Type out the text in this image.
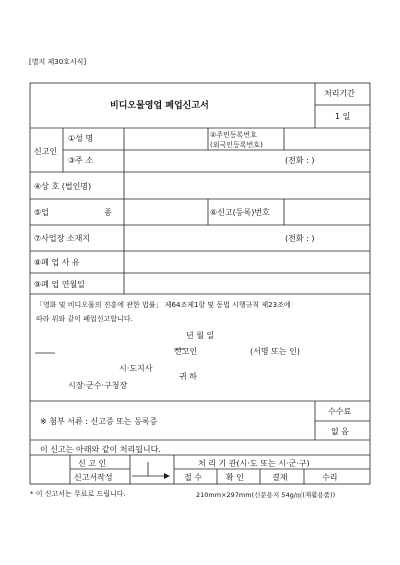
[별지 제30호서식]
비디오물영업 폐업신고서
처리기간
1 일
신고인
①성 명	②주민등록번호
(외국인등록번호)
③주 소	(전화 : )
④상 호 (법인명)
⑤업	종	⑥신고(등록)번호
⑦사업장 소재지	(전화 : )
⑧폐 업 사 유
⑨폐 업 연월일
「영화 및 비디오물의 진흥에 관한 법률」 제64조제1항 및 동법 시행규칙 제23조에
따라 위와 같이 폐업신고합니다.
년 월 일
신고인	(서명 또는 인)
시·도지사
귀 하
시장·군수·구청장
※ 첨부 서류 : 신고증 또는 등록증
수수료
없 음
이 신고는 아래와 같이 처리됩니다.
신 고 인
신고서작성
처 리 기 관(시·도 또는 시·군·구)
접 수	확 인	결재	수리
* 이 신고서는 무료로 드립니다.	210mm×297mm(신문용지 54g/㎡(재활용품))
